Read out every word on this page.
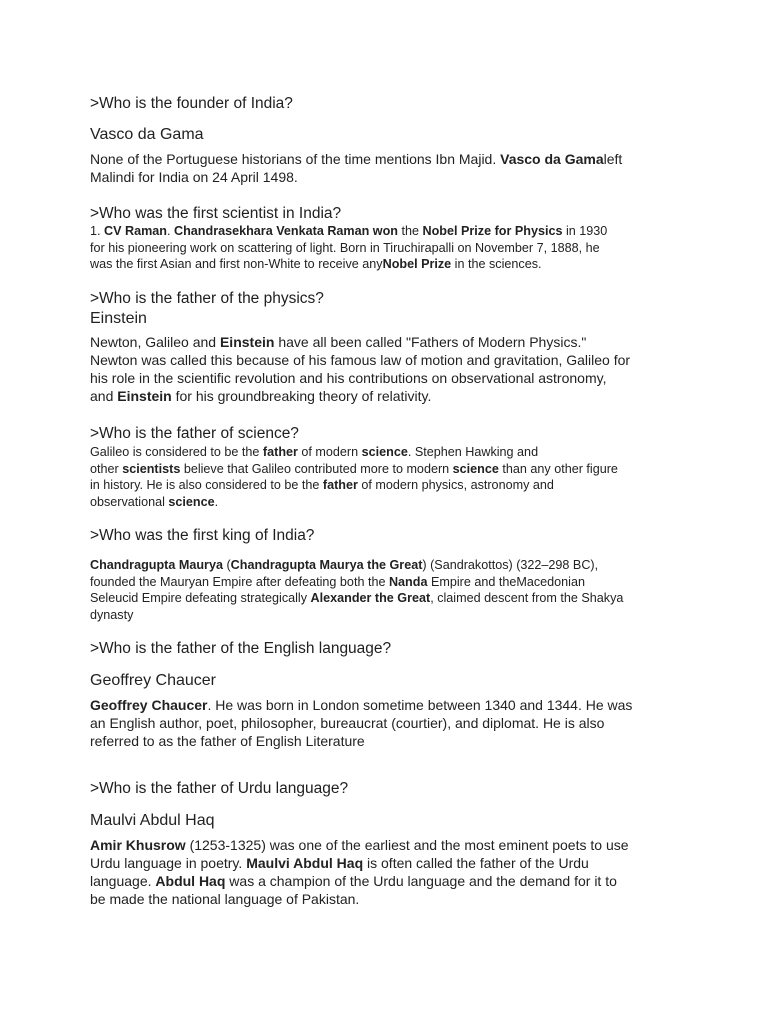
>Who is the founder of India?
Vasco da Gama
None of the Portuguese historians of the time mentions Ibn Majid. Vasco da Gamaleft
Malindi for India on 24 April 1498.
>Who was the first scientist in India?
1. CV Raman. Chandrasekhara Venkata Raman won the Nobel Prize for Physics in 1930
for his pioneering work on scattering of light. Born in Tiruchirapalli on November 7, 1888, he
was the first Asian and first non-White to receive anyNobel Prize in the sciences.
>Who is the father of the physics?
Einstein
Newton, Galileo and Einstein have all been called "Fathers of Modern Physics."
Newton was called this because of his famous law of motion and gravitation, Galileo for
his role in the scientific revolution and his contributions on observational astronomy,
and Einstein for his groundbreaking theory of relativity.
>Who is the father of science?
Galileo is considered to be the father of modern science. Stephen Hawking and
other scientists believe that Galileo contributed more to modern science than any other figure
in history. He is also considered to be the father of modern physics, astronomy and
observational science.
>Who was the first king of India?
Chandragupta Maurya (Chandragupta Maurya the Great) (Sandrakottos) (322–298 BC),
founded the Mauryan Empire after defeating both the Nanda Empire and theMacedonian
Seleucid Empire defeating strategically Alexander the Great, claimed descent from the Shakya
dynasty
>Who is the father of the English language?
Geoffrey Chaucer
Geoffrey Chaucer. He was born in London sometime between 1340 and 1344. He was
an English author, poet, philosopher, bureaucrat (courtier), and diplomat. He is also
referred to as the father of English Literature
>Who is the father of Urdu language?
Maulvi Abdul Haq
Amir Khusrow (1253-1325) was one of the earliest and the most eminent poets to use
Urdu language in poetry. Maulvi Abdul Haq is often called the father of the Urdu
language. Abdul Haq was a champion of the Urdu language and the demand for it to
be made the national language of Pakistan.
